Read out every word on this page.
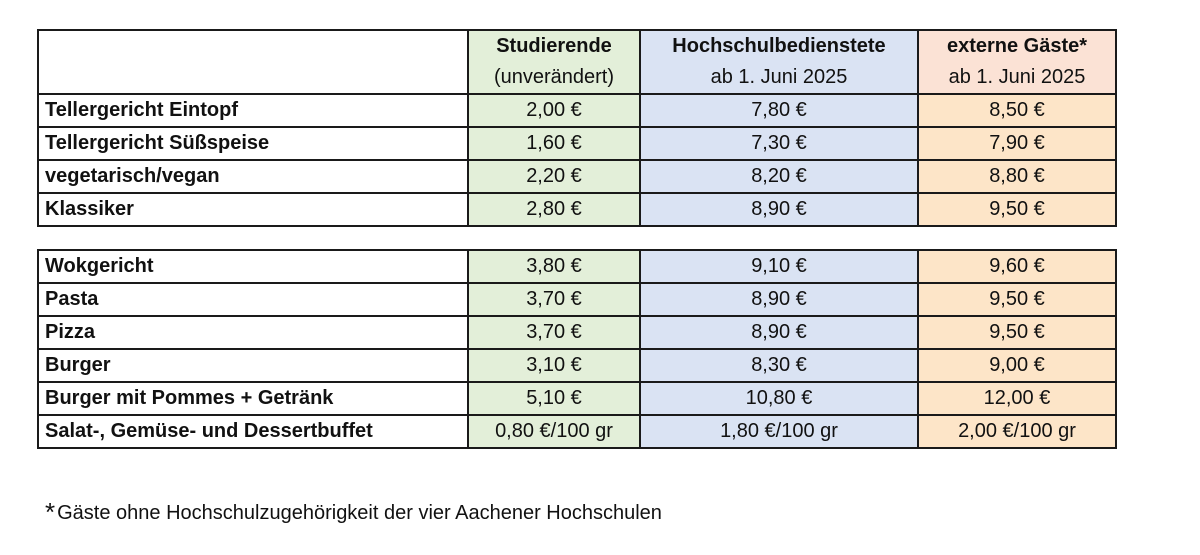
	Studierende	Hochschulbedienstete	externe Gäste*
	(unverändert)	ab 1. Juni 2025	ab 1. Juni 2025
Tellergericht Eintopf	2,00 €	7,80 €	8,50 €
Tellergericht Süßspeise	1,60 €	7,30 €	7,90 €
vegetarisch/vegan	2,20 €	8,20 €	8,80 €
Klassiker	2,80 €	8,90 €	9,50 €

Wokgericht	3,80 €	9,10 €	9,60 €
Pasta	3,70 €	8,90 €	9,50 €
Pizza	3,70 €	8,90 €	9,50 €
Burger	3,10 €	8,30 €	9,00 €
Burger mit Pommes + Getränk	5,10 €	10,80 €	12,00 €
Salat-, Gemüse- und Dessertbuffet	0,80 €/100 gr	1,80 €/100 gr	2,00 €/100 gr
* Gäste ohne Hochschulzugehörigkeit der vier Aachener Hochschulen
